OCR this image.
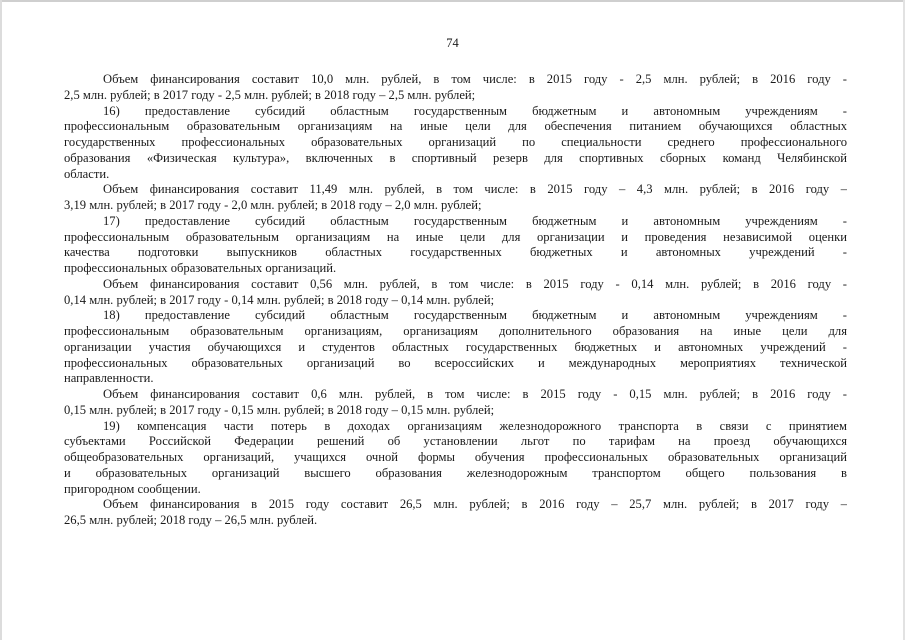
74
Объем финансирования составит 10,0 млн. рублей, в том числе: в 2015 году - 2,5 млн. рублей; в 2016 году -
2,5 млн. рублей; в 2017 году - 2,5 млн. рублей; в 2018 году – 2,5 млн. рублей;
16) предоставление субсидий областным государственным бюджетным и автономным учреждениям -
профессиональным образовательным организациям на иные цели для обеспечения питанием обучающихся областных
государственных профессиональных образовательных организаций по специальности среднего профессионального
образования «Физическая культура», включенных в спортивный резерв для спортивных сборных команд Челябинской
области.
Объем финансирования составит 11,49 млн. рублей, в том числе: в 2015 году – 4,3 млн. рублей; в 2016 году –
3,19 млн. рублей; в 2017 году - 2,0 млн. рублей; в 2018 году – 2,0 млн. рублей;
17) предоставление субсидий областным государственным бюджетным и автономным учреждениям -
профессиональным образовательным организациям на иные цели для организации и проведения независимой оценки
качества подготовки выпускников областных государственных бюджетных и автономных учреждений -
профессиональных образовательных организаций.
Объем финансирования составит 0,56 млн. рублей, в том числе: в 2015 году - 0,14 млн. рублей; в 2016 году -
0,14 млн. рублей; в 2017 году - 0,14 млн. рублей; в 2018 году – 0,14 млн. рублей;
18) предоставление субсидий областным государственным бюджетным и автономным учреждениям -
профессиональным образовательным организациям, организациям дополнительного образования на иные цели для
организации участия обучающихся и студентов областных государственных бюджетных и автономных учреждений -
профессиональных образовательных организаций во всероссийских и международных мероприятиях технической
направленности.
Объем финансирования составит 0,6 млн. рублей, в том числе: в 2015 году - 0,15 млн. рублей; в 2016 году -
0,15 млн. рублей; в 2017 году - 0,15 млн. рублей; в 2018 году – 0,15 млн. рублей;
19) компенсация части потерь в доходах организациям железнодорожного транспорта в связи с принятием
субъектами Российской Федерации решений об установлении льгот по тарифам на проезд обучающихся
общеобразовательных организаций, учащихся очной формы обучения профессиональных образовательных организаций
и образовательных организаций высшего образования железнодорожным транспортом общего пользования в
пригородном сообщении.
Объем финансирования в 2015 году составит 26,5 млн. рублей; в 2016 году – 25,7 млн. рублей; в 2017 году –
26,5 млн. рублей; 2018 году – 26,5 млн. рублей.
